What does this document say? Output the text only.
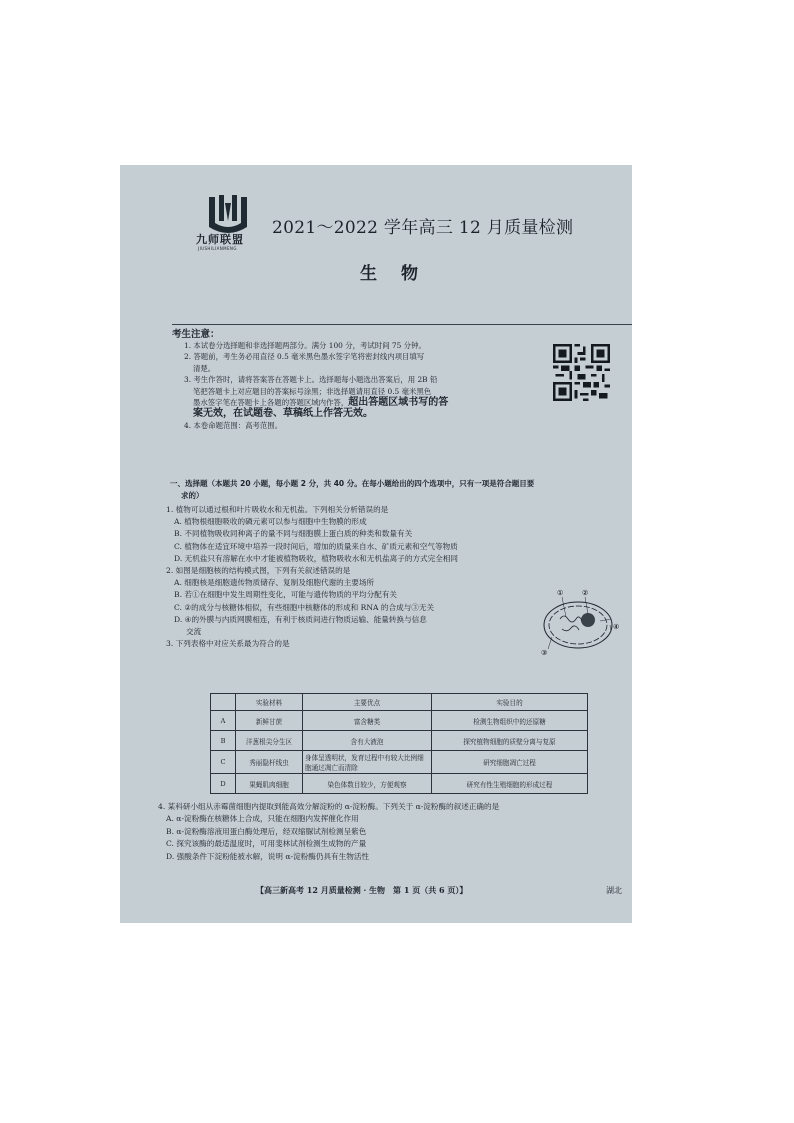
九师联盟
JIUSHILIANMENG
2021～2022 学年高三 12 月质量检测
生物
考生注意：

1. 本试卷分选择题和非选择题两部分。满分 100 分，考试时间 75 分钟。

2. 答题前，考生务必用直径 0.5 毫米黑色墨水签字笔将密封线内项目填写

清楚。

3. 考生作答时，请将答案答在答题卡上。选择题每小题选出答案后，用 2B 铅

笔把答题卡上对应题目的答案标号涂黑；非选择题请用直径 0.5 毫米黑色

墨水签字笔在答题卡上各题的答题区域内作答，超出答题区域书写的答

案无效，在试题卷、草稿纸上作答无效。

4. 本卷命题范围：高考范围。

一、选择题（本题共 20 小题，每小题 2 分，共 40 分。在每小题给出的四个选项中，只有一项是符合题目要
求的）

1. 植物可以通过根和叶片吸收水和无机盐。下列相关分析错误的是

A. 植物根细胞吸收的磷元素可以参与细胞中生物膜的形成

B. 不同植物吸收同种离子的量不同与细胞膜上蛋白质的种类和数量有关

C. 植物体在适宜环境中培养一段时间后，增加的质量来自水、矿质元素和空气等物质

D. 无机盐只有溶解在水中才能被植物吸收，植物吸收水和无机盐离子的方式完全相同

2. 如图是细胞核的结构模式图，下列有关叙述错误的是

A. 细胞核是细胞遗传物质储存、复制及细胞代谢的主要场所

B. 若①在细胞中发生周期性变化，可能与遗传物质的平均分配有关

C. ②的成分与核糖体相似，有些细胞中核糖体的形成和 RNA 的合成与③无关

D. ④的外膜与内质网膜相连，有利于核质间进行物质运输、能量转换与信息

交流

3. 下列表格中对应关系最为符合的是

①	②
③
④
	实验材料	主要优点	实验目的
A	新鲜甘蔗	富含糖类	检测生物组织中的还原糖
B	洋葱根尖分生区	含有大液泡	探究植物细胞的质壁分离与复原
C	秀丽隐杆线虫	身体呈透明状，发育过程中有较大比例细胞通过凋亡而清除	研究细胞凋亡过程
D	果蝇肌肉细胞	染色体数目较少，方便观察	研究有性生殖细胞的形成过程

4. 某科研小组从赤霉菌细胞内提取到能高效分解淀粉的 α-淀粉酶。下列关于 α-淀粉酶的叙述正确的是

A. α-淀粉酶在核糖体上合成，只能在细胞内发挥催化作用

B. α-淀粉酶溶液用蛋白酶处理后，经双缩脲试剂检测呈紫色

C. 探究该酶的最适温度时，可用斐林试剂检测生成物的产量

D. 强酸条件下淀粉能被水解，说明 α-淀粉酶仍具有生物活性

【高三新高考 12 月质量检测 · 生物　第 1 页（共 6 页）】	湖北
